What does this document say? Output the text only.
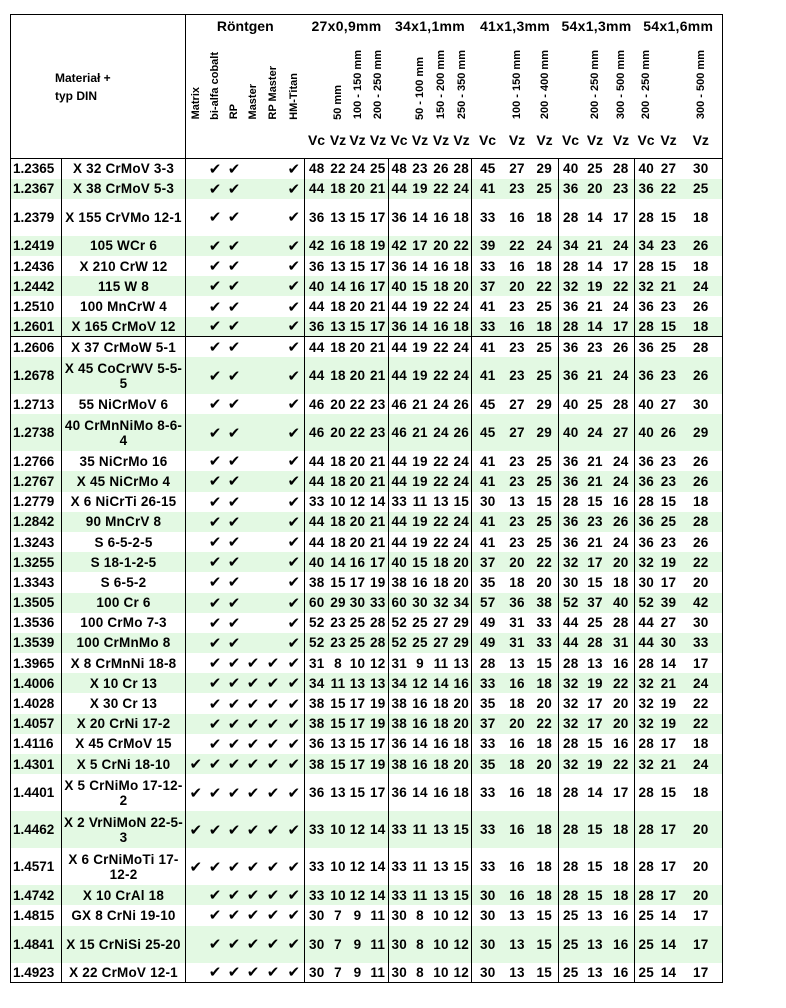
Materiał +
typ DIN		Röntgen						27x0,9mm				34x1,1mm				41x1,3mm			54x1,3mm			54x1,6mm		
		Matrix	bi-alfa cobalt	RP	Master	RP Master	HM-Titan		50 mm	100 - 150 mm	200 - 250 mm		50 - 100 mm	150 - 200 mm	250 - 350 mm		100 - 150 mm	200 - 400 mm		200 - 250 mm	300 - 500 mm	200 - 250 mm		300 - 500 mm
								Vc	Vz	Vz	Vz	Vc	Vz	Vz	Vz	Vc	Vz	Vz	Vc	Vz	Vz	Vc	Vz	Vz
1.2365	X 32 CrMoV 3-3		✔	✔			✔	48	22	24	25	48	23	26	28	45	27	29	40	25	28	40	27	30
1.2367	X 38 CrMoV 5-3		✔	✔			✔	44	18	20	21	44	19	22	24	41	23	25	36	20	23	36	22	25
1.2379	X 155 CrVMo 12-1		✔	✔			✔	36	13	15	17	36	14	16	18	33	16	18	28	14	17	28	15	18
1.2419	105 WCr 6		✔	✔			✔	42	16	18	19	42	17	20	22	39	22	24	34	21	24	34	23	26
1.2436	X 210 CrW 12		✔	✔			✔	36	13	15	17	36	14	16	18	33	16	18	28	14	17	28	15	18
1.2442	115 W 8		✔	✔			✔	40	14	16	17	40	15	18	20	37	20	22	32	19	22	32	21	24
1.2510	100 MnCrW 4		✔	✔			✔	44	18	20	21	44	19	22	24	41	23	25	36	21	24	36	23	26
1.2601	X 165 CrMoV 12		✔	✔			✔	36	13	15	17	36	14	16	18	33	16	18	28	14	17	28	15	18
1.2606	X 37 CrMoW 5-1		✔	✔			✔	44	18	20	21	44	19	22	24	41	23	25	36	23	26	36	25	28
1.2678	X 45 CoCrWV 5-5-5		✔	✔			✔	44	18	20	21	44	19	22	24	41	23	25	36	21	24	36	23	26
1.2713	55 NiCrMoV 6		✔	✔			✔	46	20	22	23	46	21	24	26	45	27	29	40	25	28	40	27	30
1.2738	40 CrMnNiMo 8-6-4		✔	✔			✔	46	20	22	23	46	21	24	26	45	27	29	40	24	27	40	26	29
1.2766	35 NiCrMo 16		✔	✔			✔	44	18	20	21	44	19	22	24	41	23	25	36	21	24	36	23	26
1.2767	X 45 NiCrMo 4		✔	✔			✔	44	18	20	21	44	19	22	24	41	23	25	36	21	24	36	23	26
1.2779	X 6 NiCrTi 26-15		✔	✔			✔	33	10	12	14	33	11	13	15	30	13	15	28	15	16	28	15	18
1.2842	90 MnCrV 8		✔	✔			✔	44	18	20	21	44	19	22	24	41	23	25	36	23	26	36	25	28
1.3243	S 6-5-2-5		✔	✔			✔	44	18	20	21	44	19	22	24	41	23	25	36	21	24	36	23	26
1.3255	S 18-1-2-5		✔	✔			✔	40	14	16	17	40	15	18	20	37	20	22	32	17	20	32	19	22
1.3343	S 6-5-2		✔	✔			✔	38	15	17	19	38	16	18	20	35	18	20	30	15	18	30	17	20
1.3505	100 Cr 6		✔	✔			✔	60	29	30	33	60	30	32	34	57	36	38	52	37	40	52	39	42
1.3536	100 CrMo 7-3		✔	✔			✔	52	23	25	28	52	25	27	29	49	31	33	44	25	28	44	27	30
1.3539	100 CrMnMo 8		✔	✔			✔	52	23	25	28	52	25	27	29	49	31	33	44	28	31	44	30	33
1.3965	X 8 CrMnNi 18-8		✔	✔	✔	✔	✔	31	8	10	12	31	9	11	13	28	13	15	28	13	16	28	14	17
1.4006	X 10 Cr 13		✔	✔	✔	✔	✔	34	11	13	13	34	12	14	16	33	16	18	32	19	22	32	21	24
1.4028	X 30 Cr 13		✔	✔	✔	✔	✔	38	15	17	19	38	16	18	20	35	18	20	32	17	20	32	19	22
1.4057	X 20 CrNi 17-2		✔	✔	✔	✔	✔	38	15	17	19	38	16	18	20	37	20	22	32	17	20	32	19	22
1.4116	X 45 CrMoV 15		✔	✔	✔	✔	✔	36	13	15	17	36	14	16	18	33	16	18	28	15	16	28	17	18
1.4301	X 5 CrNi 18-10	✔	✔	✔	✔	✔	✔	38	15	17	19	38	16	18	20	35	18	20	32	19	22	32	21	24
1.4401	X 5 CrNiMo 17-12-2	✔	✔	✔	✔	✔	✔	36	13	15	17	36	14	16	18	33	16	18	28	14	17	28	15	18
1.4462	X 2 VrNiMoN 22-5-3	✔	✔	✔	✔	✔	✔	33	10	12	14	33	11	13	15	33	16	18	28	15	18	28	17	20
1.4571	X 6 CrNiMoTi 17-12-2	✔	✔	✔	✔	✔	✔	33	10	12	14	33	11	13	15	33	16	18	28	15	18	28	17	20
1.4742	X 10 CrAl 18		✔	✔	✔	✔	✔	33	10	12	14	33	11	13	15	30	16	18	28	15	18	28	17	20
1.4815	GX 8 CrNi 19-10		✔	✔	✔	✔	✔	30	7	9	11	30	8	10	12	30	13	15	25	13	16	25	14	17
1.4841	X 15 CrNiSi 25-20		✔	✔	✔	✔	✔	30	7	9	11	30	8	10	12	30	13	15	25	13	16	25	14	17
1.4923	X 22 CrMoV 12-1		✔	✔	✔	✔	✔	30	7	9	11	30	8	10	12	30	13	15	25	13	16	25	14	17
